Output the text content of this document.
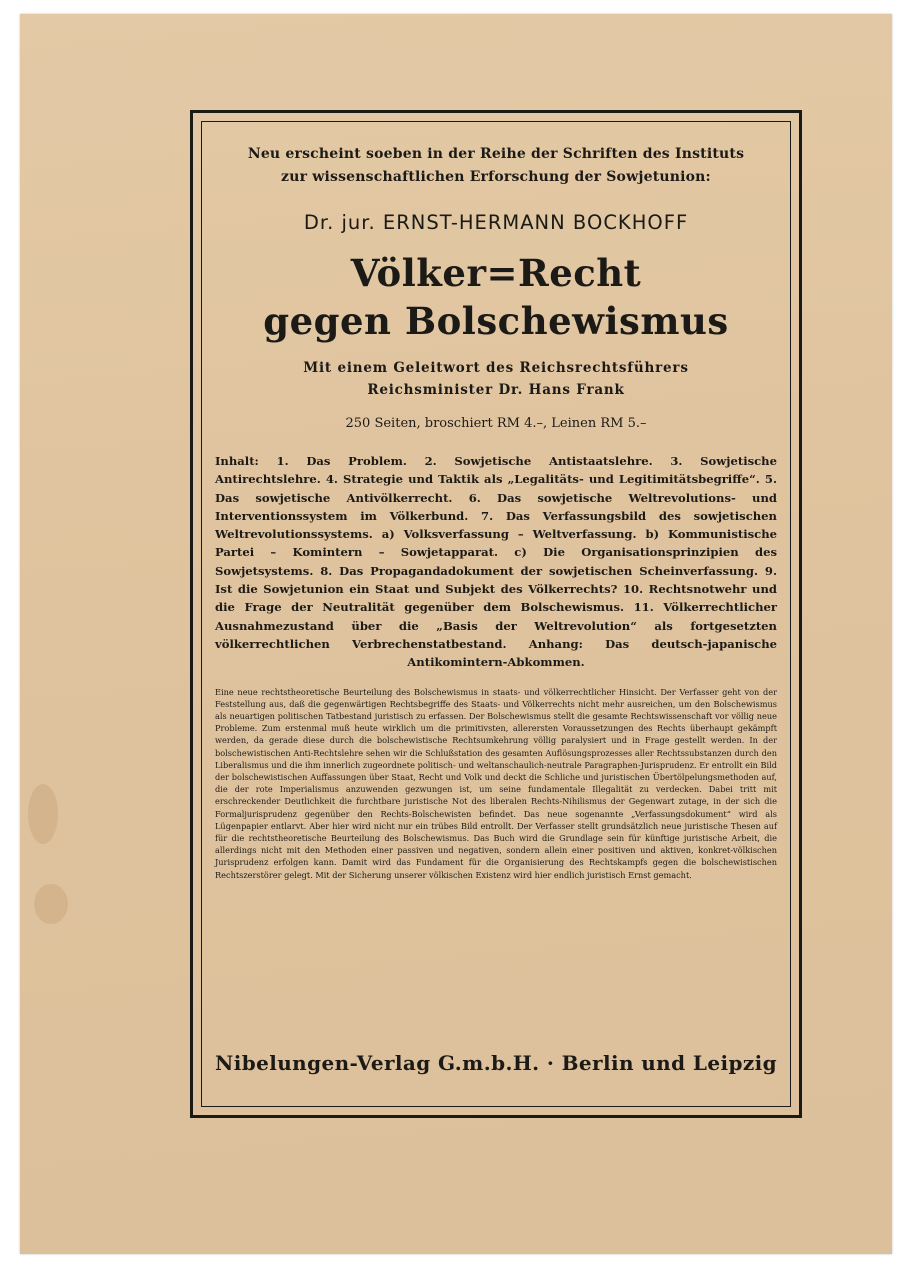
Neu erscheint soeben in der Reihe der Schriften des Instituts
zur wissenschaftlichen Erforschung der Sowjetunion:

Dr. jur. ERNST-HERMANN BOCKHOFF

Völker=Recht
gegen Bolschewismus

Mit einem Geleitwort des Reichsrechtsführers
Reichsminister Dr. Hans Frank

250 Seiten, broschiert RM 4.–, Leinen RM 5.–

Inhalt: 1. Das Problem. 2. Sowjetische Antistaatslehre. 3. Sowjetische Antirechtslehre. 4. Strategie und Taktik als „Legalitäts- und Legitimitätsbegriffe“. 5. Das sowjetische Antivölkerrecht. 6. Das sowjetische Weltrevolutions- und Interventionssystem im Völkerbund. 7. Das Verfassungsbild des sowjetischen Weltrevolutionssystems. a) Volksverfassung – Weltverfassung. b) Kommunistische Partei – Komintern – Sowjetapparat. c) Die Organisationsprinzipien des Sowjetsystems. 8. Das Propagandadokument der sowjetischen Scheinverfassung. 9. Ist die Sowjetunion ein Staat und Subjekt des Völkerrechts? 10. Rechtsnotwehr und die Frage der Neutralität gegenüber dem Bolschewismus. 11. Völkerrechtlicher Ausnahmezustand über die „Basis der Weltrevolution“ als fortgesetzten völkerrechtlichen Verbrechenstatbestand. Anhang: Das deutsch-japanische Antikomintern-Abkommen.

Eine neue rechtstheoretische Beurteilung des Bolschewismus in staats- und völkerrechtlicher Hinsicht. Der Verfasser geht von der Feststellung aus, daß die gegenwärtigen Rechtsbegriffe des Staats- und Völkerrechts nicht mehr ausreichen, um den Bolschewismus als neuartigen politischen Tatbestand juristisch zu erfassen. Der Bolschewismus stellt die gesamte Rechtswissenschaft vor völlig neue Probleme. Zum erstenmal muß heute wirklich um die primitivsten, allerersten Voraussetzungen des Rechts überhaupt gekämpft werden, da gerade diese durch die bolschewistische Rechtsumkehrung völlig paralysiert und in Frage gestellt werden. In der bolschewistischen Anti-Rechtslehre sehen wir die Schlußstation des gesamten Auflösungsprozesses aller Rechtssubstanzen durch den Liberalismus und die ihm innerlich zugeordnete politisch- und weltanschaulich-neutrale Paragraphen-Jurisprudenz. Er entrollt ein Bild der bolschewistischen Auffassungen über Staat, Recht und Volk und deckt die Schliche und juristischen Übertölpelungsmethoden auf, die der rote Imperialismus anzuwenden gezwungen ist, um seine fundamentale Illegalität zu verdecken. Dabei tritt mit erschreckender Deutlichkeit die furchtbare juristische Not des liberalen Rechts-Nihilismus der Gegenwart zutage, in der sich die Formaljurisprudenz gegenüber den Rechts-Bolschewisten befindet. Das neue sogenannte „Verfassungsdokument“ wird als Lügenpapier entlarvt. Aber hier wird nicht nur ein trübes Bild entrollt. Der Verfasser stellt grundsätzlich neue juristische Thesen auf für die rechtstheoretische Beurteilung des Bolschewismus. Das Buch wird die Grundlage sein für künftige juristische Arbeit, die allerdings nicht mit den Methoden einer passiven und negativen, sondern allein einer positiven und aktiven, konkret-völkischen Jurisprudenz erfolgen kann. Damit wird das Fundament für die Organisierung des Rechtskampfs gegen die bolschewistischen Rechtszerstörer gelegt. Mit der Sicherung unserer völkischen Existenz wird hier endlich juristisch Ernst gemacht.

Nibelungen-Verlag G.m.b.H. · Berlin und Leipzig
